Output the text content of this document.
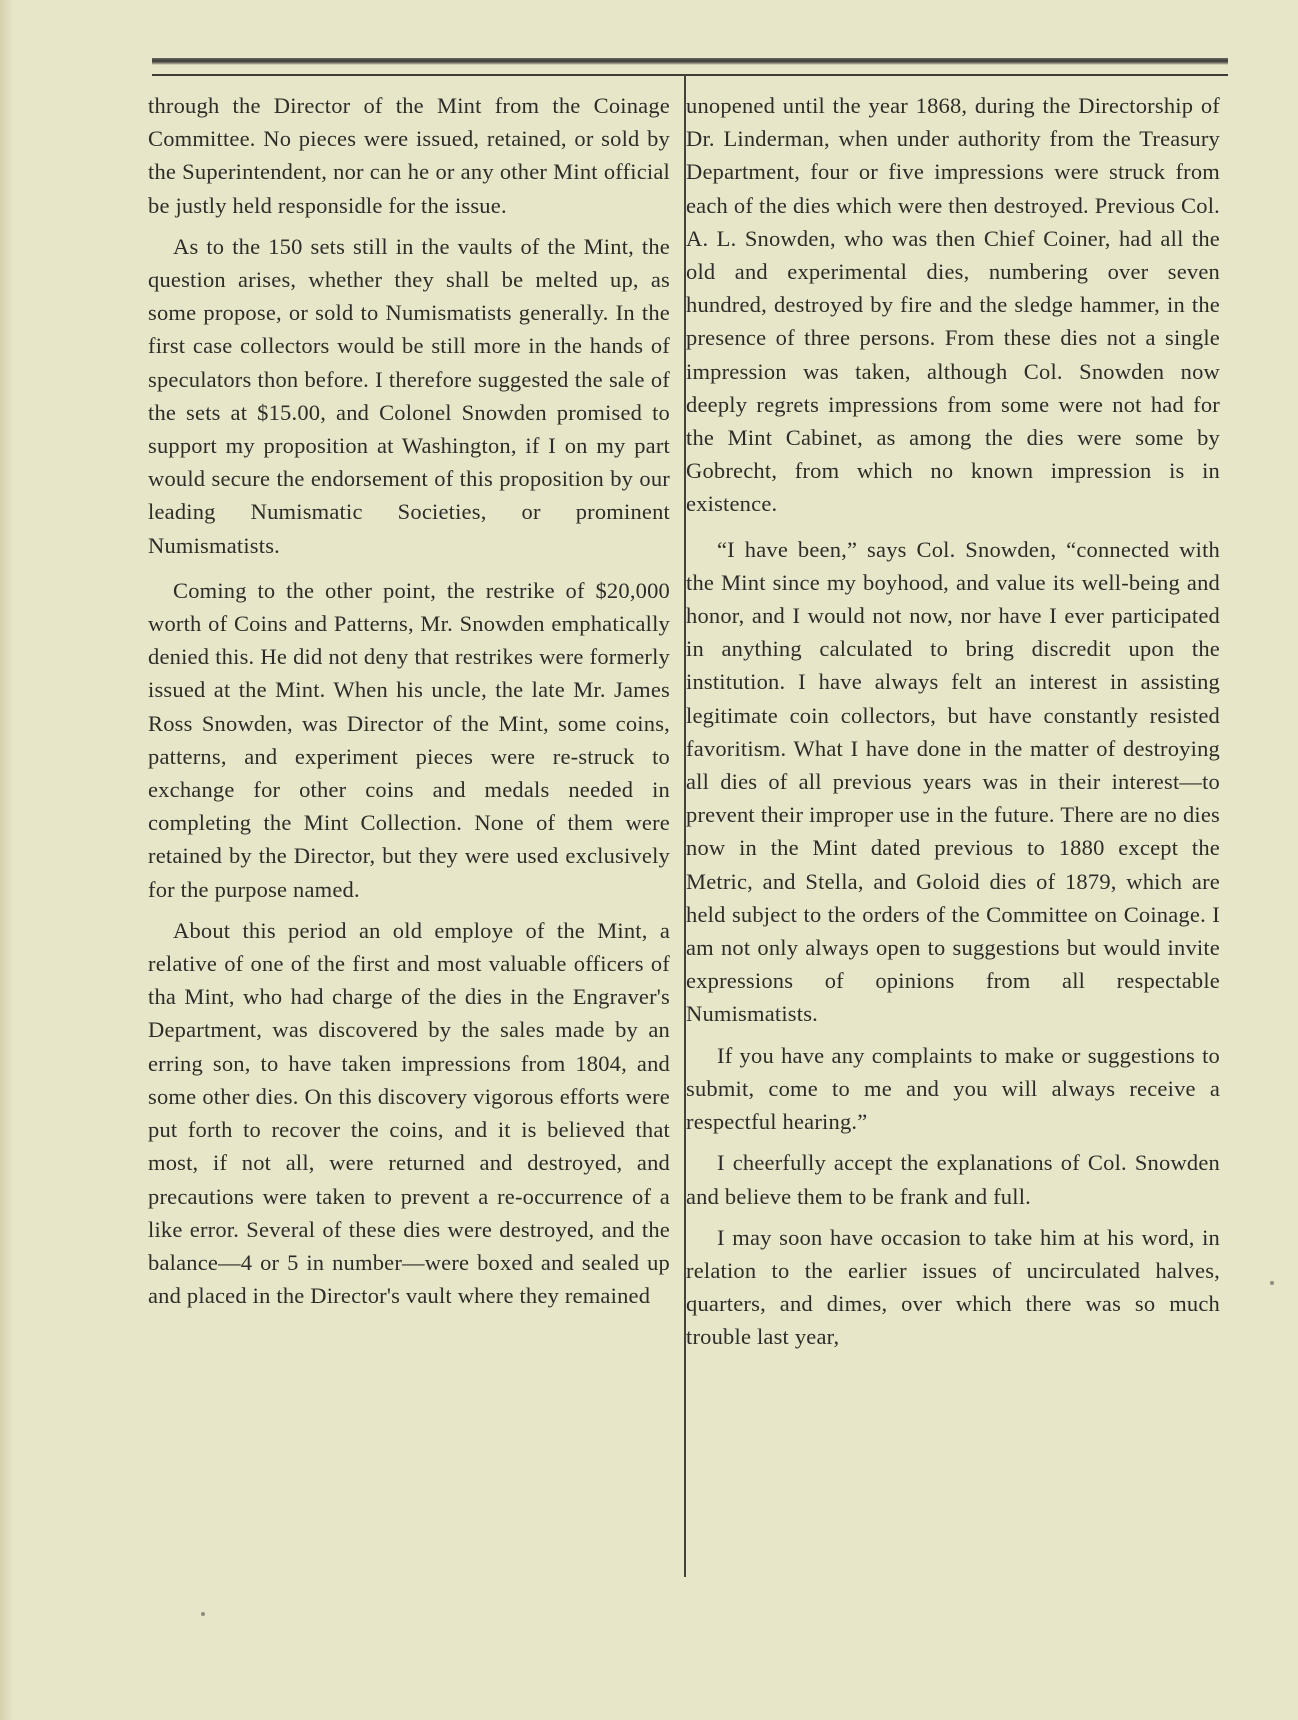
through the Director of the Mint from the Coinage Committee. No pieces were issued, retained, or sold by the Superintendent, nor can he or any other Mint official be justly held responsidle for the issue.

As to the 150 sets still in the vaults of the Mint, the question arises, whether they shall be melted up, as some propose, or sold to Numismatists generally. In the first case collectors would be still more in the hands of speculators thon before. I therefore suggested the sale of the sets at $15.00, and Colonel Snowden promised to support my proposition at Washington, if I on my part would secure the endorsement of this proposition by our leading Numismatic Societies, or prominent Numismatists.

Coming to the other point, the restrike of $20,000 worth of Coins and Patterns, Mr. Snowden emphatically denied this. He did not deny that restrikes were formerly issued at the Mint. When his uncle, the late Mr. James Ross Snowden, was Director of the Mint, some coins, patterns, and experiment pieces were re-struck to exchange for other coins and medals needed in completing the Mint Collection. None of them were retained by the Director, but they were used exclusively for the purpose named.

About this period an old employe of the Mint, a relative of one of the first and most valuable officers of tha Mint, who had charge of the dies in the Engraver's Department, was discovered by the sales made by an erring son, to have taken impressions from 1804, and some other dies. On this discovery vigorous efforts were put forth to recover the coins, and it is believed that most, if not all, were returned and destroyed, and precautions were taken to prevent a re-occurrence of a like error. Several of these dies were destroyed, and the balance—4 or 5 in number—were boxed and sealed up and placed in the Director's vault where they remained

unopened until the year 1868, during the Directorship of Dr. Linderman, when under authority from the Treasury Department, four or five impressions were struck from each of the dies which were then destroyed. Previous Col. A. L. Snowden, who was then Chief Coiner, had all the old and experimental dies, numbering over seven hundred, destroyed by fire and the sledge hammer, in the presence of three persons. From these dies not a single impression was taken, although Col. Snowden now deeply regrets impressions from some were not had for the Mint Cabinet, as among the dies were some by Gobrecht, from which no known impression is in existence.

“I have been,” says Col. Snowden, “connected with the Mint since my boyhood, and value its well-being and honor, and I would not now, nor have I ever participated in anything calculated to bring discredit upon the institution. I have always felt an interest in assisting legitimate coin collectors, but have constantly resisted favoritism. What I have done in the matter of destroying all dies of all previous years was in their interest—to prevent their improper use in the future. There are no dies now in the Mint dated previous to 1880 except the Metric, and Stella, and Goloid dies of 1879, which are held subject to the orders of the Committee on Coinage. I am not only always open to suggestions but would invite expressions of opinions from all respectable Numismatists.

If you have any complaints to make or suggestions to submit, come to me and you will always receive a respectful hearing.”

I cheerfully accept the explanations of Col. Snowden and believe them to be frank and full.

I may soon have occasion to take him at his word, in relation to the earlier issues of uncirculated halves, quarters, and dimes, over which there was so much trouble last year,
